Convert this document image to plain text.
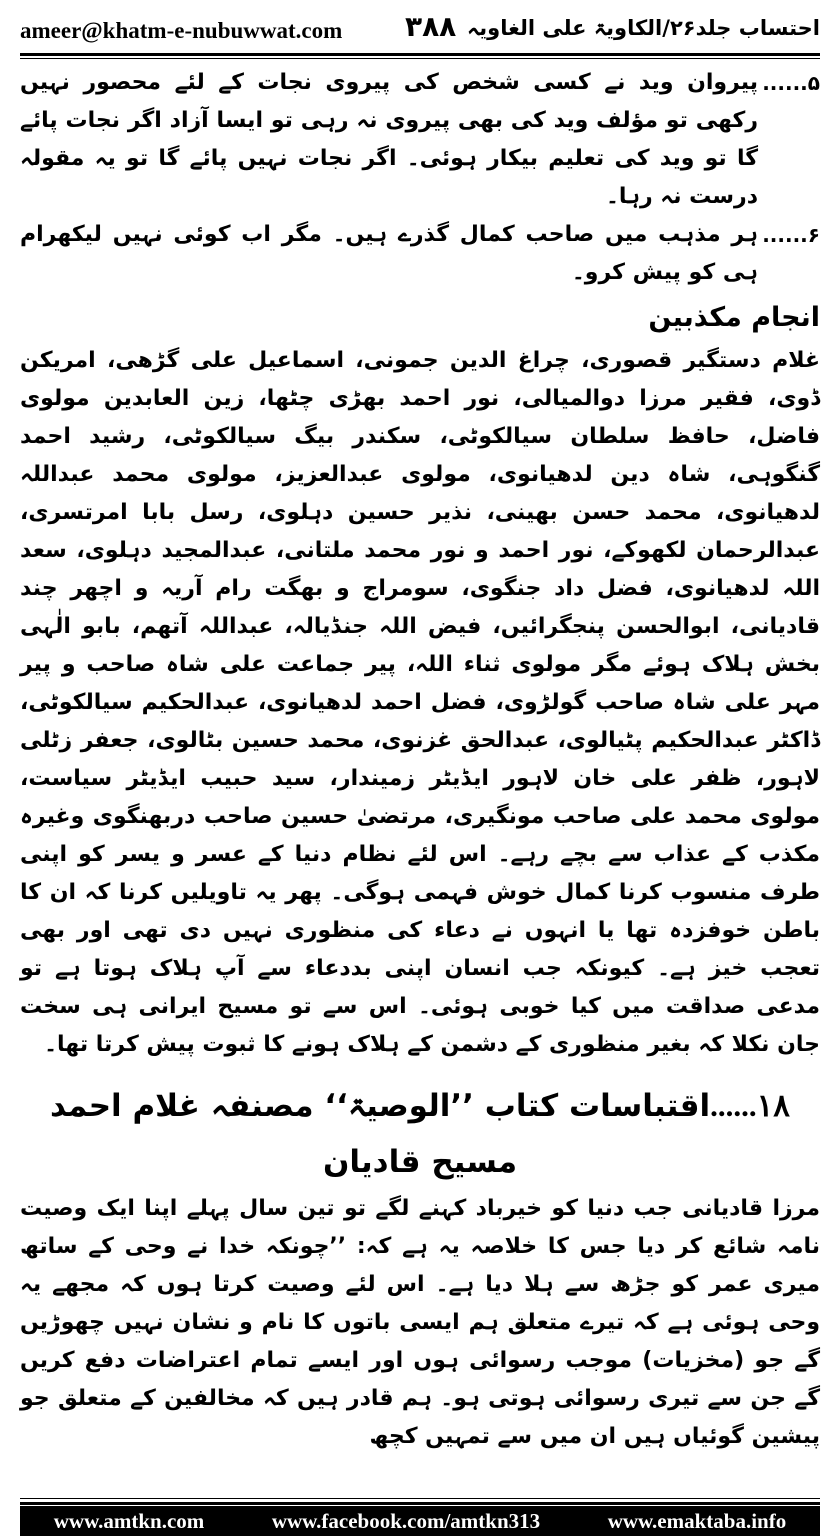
ameer@khatm-e-nubuwwat.com ۳۸۸ احتساب جلد۲۶/الکاویۃ علی الغاویہ
۵......
پیروان وید نے کسی شخص کی پیروی نجات کے لئے محصور نہیں رکھی تو مؤلف وید کی بھی پیروی نہ رہی تو ایسا آزاد اگر نجات پائے گا تو وید کی تعلیم بیکار ہوئی۔ اگر نجات نہیں پائے گا تو یہ مقولہ درست نہ رہا۔
۶......
ہر مذہب میں صاحب کمال گذرے ہیں۔ مگر اب کوئی نہیں لیکھرام ہی کو پیش کرو۔
انجام مکذبین

غلام دستگیر قصوری، چراغ الدین جمونی، اسماعیل علی گڑھی، امریکن ڈوی، فقیر مرزا دوالمیالی، نور احمد بھڑی چٹھا، زین العابدین مولوی فاضل، حافظ سلطان سیالکوٹی، سکندر بیگ سیالکوٹی، رشید احمد گنگوہی، شاہ دین لدھیانوی، مولوی عبدالعزیز، مولوی محمد عبداللہ لدھیانوی، محمد حسن بھینی، نذیر حسین دہلوی، رسل بابا امرتسری، عبدالرحمان لکھوکے، نور احمد و نور محمد ملتانی، عبدالمجید دہلوی، سعد اللہ لدھیانوی، فضل داد جنگوی، سومراج و بھگت رام آریہ و اچھر چند قادیانی، ابوالحسن پنجگرائیں، فیض اللہ جنڈیالہ، عبداللہ آتھم، بابو الٰہی بخش ہلاک ہوئے مگر مولوی ثناء اللہ، پیر جماعت علی شاہ صاحب و پیر مہر علی شاہ صاحب گولڑوی، فضل احمد لدھیانوی، عبدالحکیم سیالکوٹی، ڈاکٹر عبدالحکیم پٹیالوی، عبدالحق غزنوی، محمد حسین بٹالوی، جعفر زٹلی لاہور، ظفر علی خان لاہور ایڈیٹر زمیندار، سید حبیب ایڈیٹر سیاست، مولوی محمد علی صاحب مونگیری، مرتضیٰ حسین صاحب دربھنگوی وغیرہ مکذب کے عذاب سے بچے رہے۔ اس لئے نظام دنیا کے عسر و یسر کو اپنی طرف منسوب کرنا کمال خوش فہمی ہوگی۔ پھر یہ تاویلیں کرنا کہ ان کا باطن خوفزدہ تھا یا انہوں نے دعاء کی منظوری نہیں دی تھی اور بھی تعجب خیز ہے۔ کیونکہ جب انسان اپنی بددعاء سے آپ ہلاک ہوتا ہے تو مدعی صداقت میں کیا خوبی ہوئی۔ اس سے تو مسیح ایرانی ہی سخت جان نکلا کہ بغیر منظوری کے دشمن کے ہلاک ہونے کا ثبوت پیش کرتا تھا۔

۱۸......اقتباسات کتاب ’’الوصیۃ‘‘ مصنفہ غلام احمد مسیح قادیان

مرزا قادیانی جب دنیا کو خیرباد کہنے لگے تو تین سال پہلے اپنا ایک وصیت نامہ شائع کر دیا جس کا خلاصہ یہ ہے کہ: ’’چونکہ خدا نے وحی کے ساتھ میری عمر کو جڑھ سے ہلا دیا ہے۔ اس لئے وصیت کرتا ہوں کہ مجھے یہ وحی ہوئی ہے کہ تیرے متعلق ہم ایسی باتوں کا نام و نشان نہیں چھوڑیں گے جو (مخزیات) موجب رسوائی ہوں اور ایسے تمام اعتراضات دفع کریں گے جن سے تیری رسوائی ہوتی ہو۔ ہم قادر ہیں کہ مخالفین کے متعلق جو پیشین گوئیاں ہیں ان میں سے تمہیں کچھ

www.amtkn.com	www.facebook.com/amtkn313	www.emaktaba.info
